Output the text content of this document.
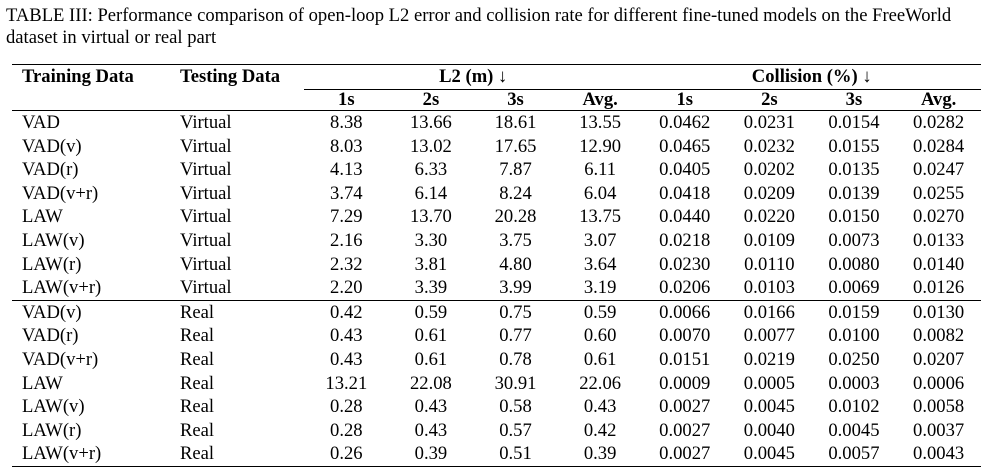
TABLE III: Performance comparison of open-loop L2 error and collision rate for different fine-tuned models on the FreeWorld dataset in virtual or real part
Training Data	Testing Data	L2 (m) ↓				Collision (%) ↓			
		1s	2s	3s	Avg.	1s	2s	3s	Avg.
VAD	Virtual	8.38	13.66	18.61	13.55	0.0462	0.0231	0.0154	0.0282
VAD(v)	Virtual	8.03	13.02	17.65	12.90	0.0465	0.0232	0.0155	0.0284
VAD(r)	Virtual	4.13	6.33	7.87	6.11	0.0405	0.0202	0.0135	0.0247
VAD(v+r)	Virtual	3.74	6.14	8.24	6.04	0.0418	0.0209	0.0139	0.0255
LAW	Virtual	7.29	13.70	20.28	13.75	0.0440	0.0220	0.0150	0.0270
LAW(v)	Virtual	2.16	3.30	3.75	3.07	0.0218	0.0109	0.0073	0.0133
LAW(r)	Virtual	2.32	3.81	4.80	3.64	0.0230	0.0110	0.0080	0.0140
LAW(v+r)	Virtual	2.20	3.39	3.99	3.19	0.0206	0.0103	0.0069	0.0126
VAD(v)	Real	0.42	0.59	0.75	0.59	0.0066	0.0166	0.0159	0.0130
VAD(r)	Real	0.43	0.61	0.77	0.60	0.0070	0.0077	0.0100	0.0082
VAD(v+r)	Real	0.43	0.61	0.78	0.61	0.0151	0.0219	0.0250	0.0207
LAW	Real	13.21	22.08	30.91	22.06	0.0009	0.0005	0.0003	0.0006
LAW(v)	Real	0.28	0.43	0.58	0.43	0.0027	0.0045	0.0102	0.0058
LAW(r)	Real	0.28	0.43	0.57	0.42	0.0027	0.0040	0.0045	0.0037
LAW(v+r)	Real	0.26	0.39	0.51	0.39	0.0027	0.0045	0.0057	0.0043
